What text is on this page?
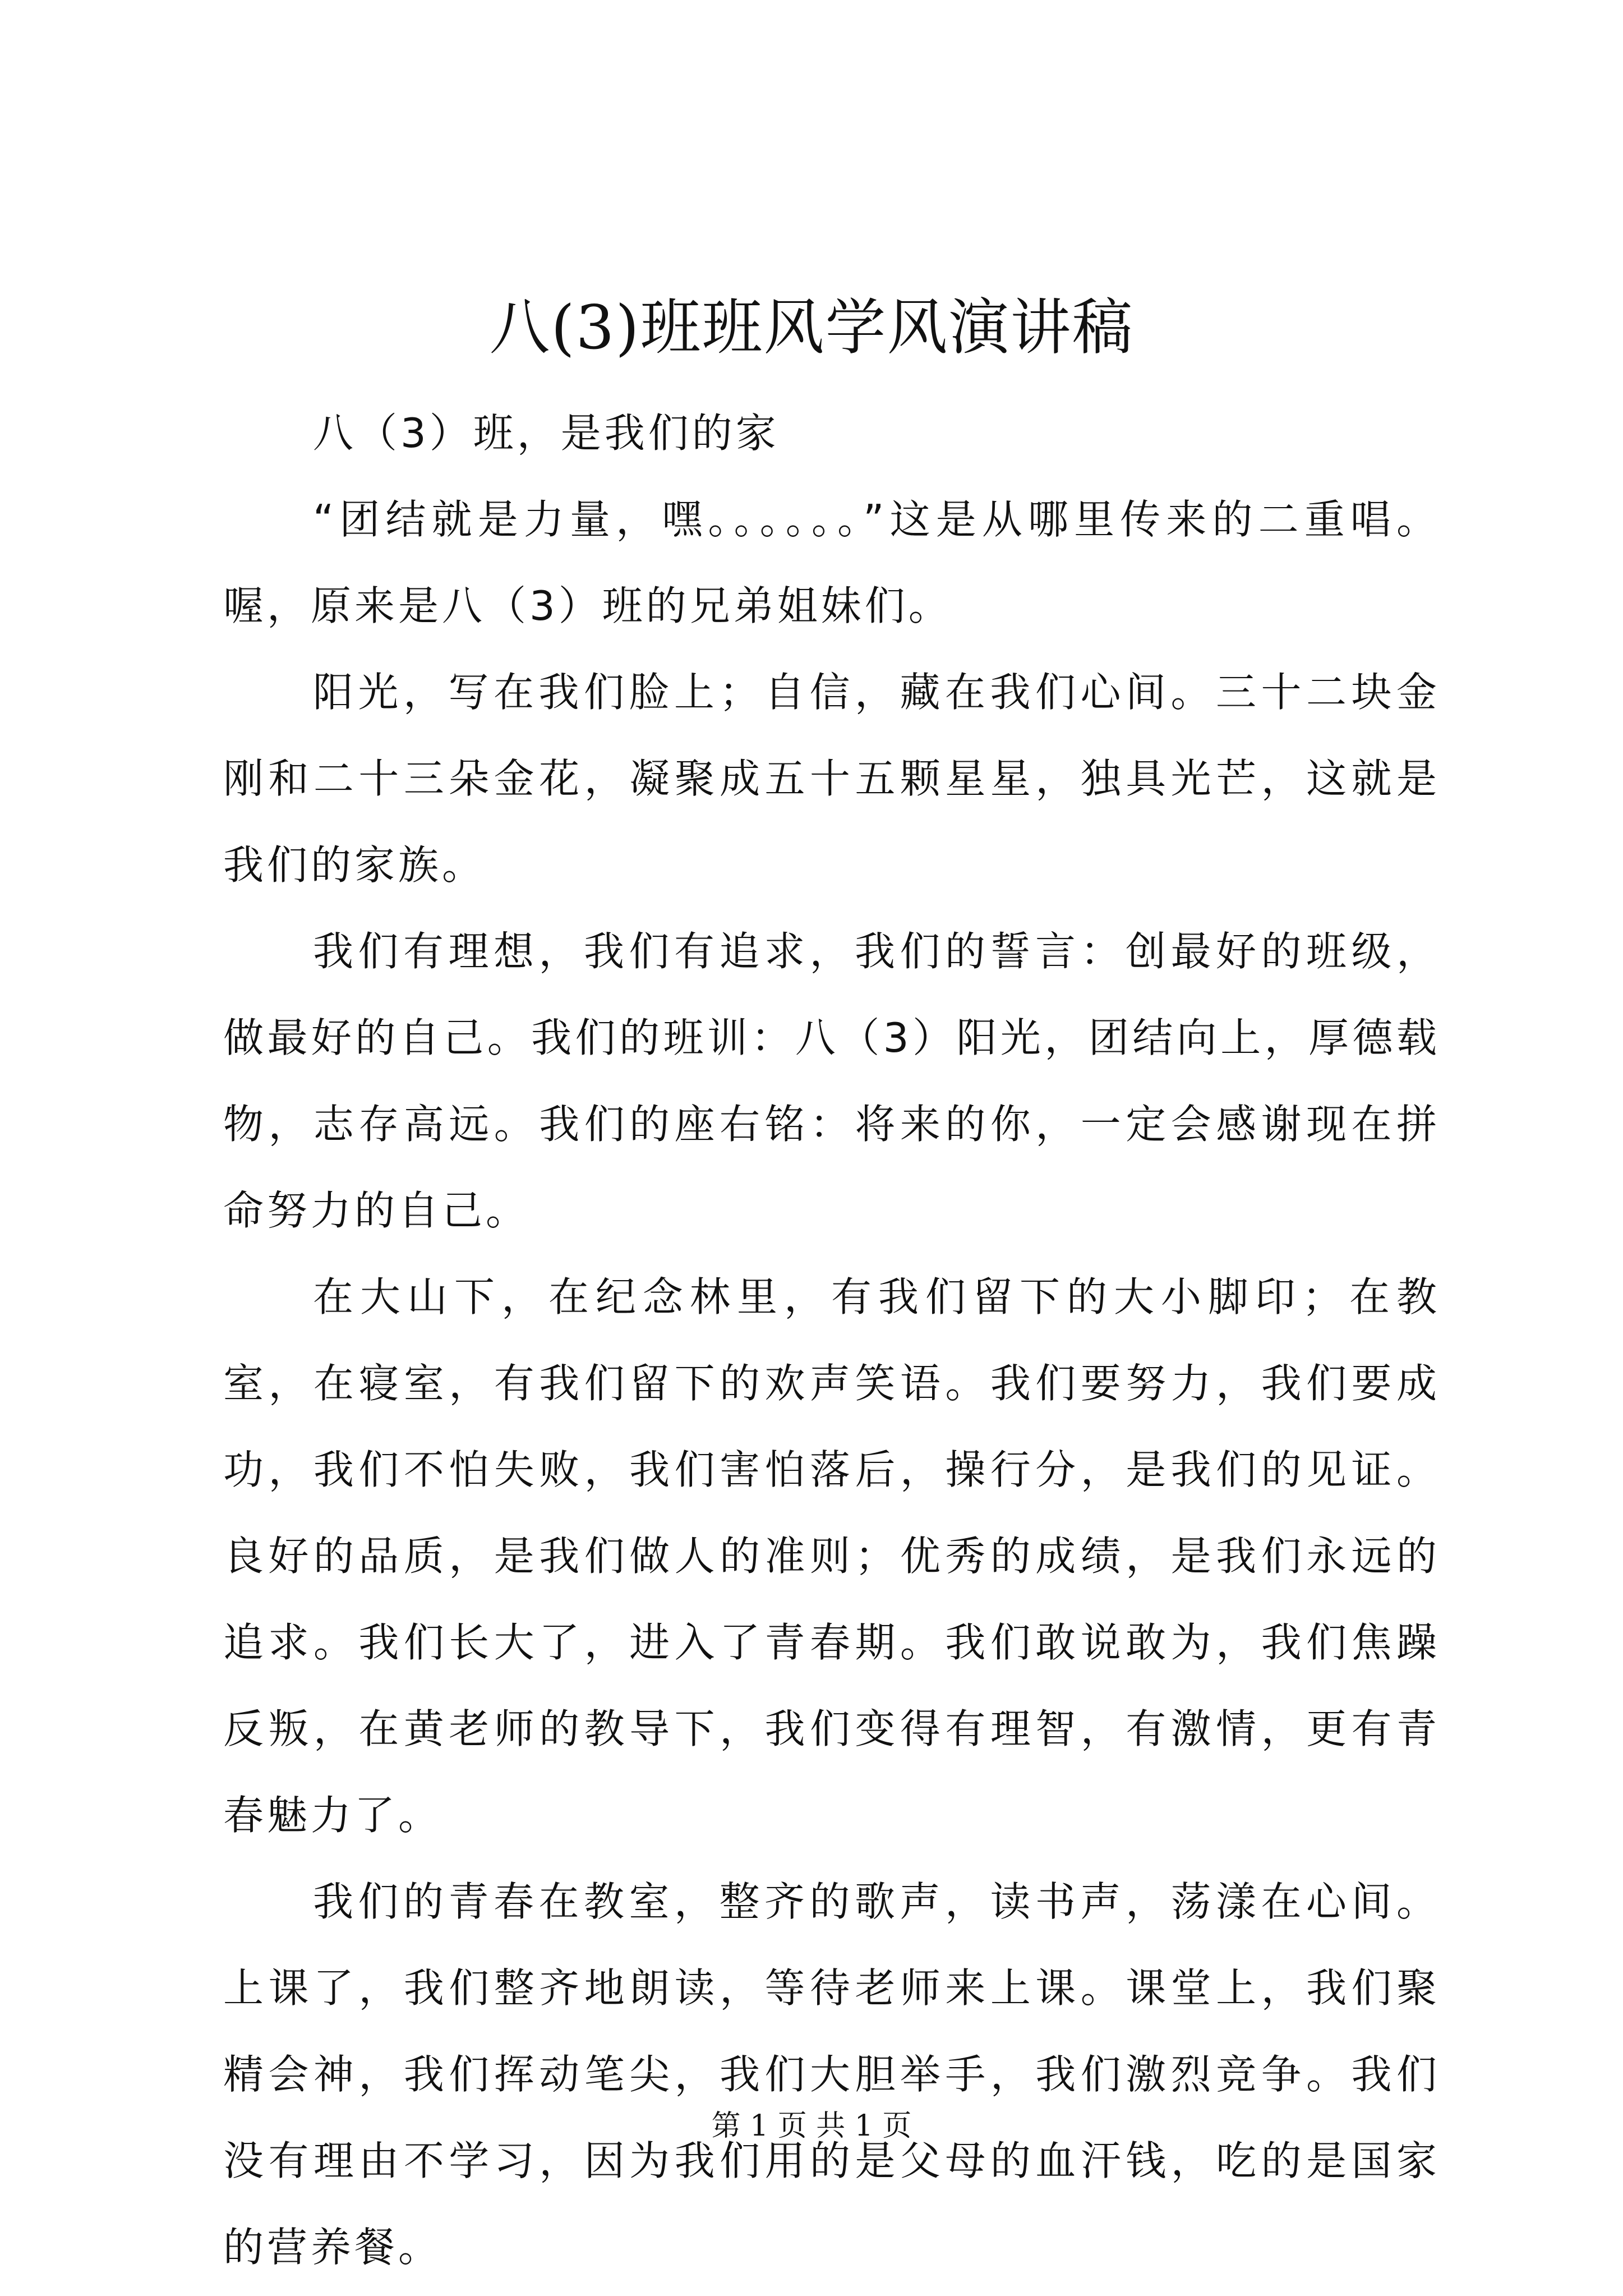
八(3)班班风学风演讲稿

八（3）班，是我们的家

“团结就是力量，嘿。。。。。。”这是从哪里传来的二重唱。喔，原来是八（3）班的兄弟姐妹们。

阳光，写在我们脸上；自信，藏在我们心间。三十二块金刚和二十三朵金花，凝聚成五十五颗星星，独具光芒，这就是我们的家族。

我们有理想，我们有追求，我们的誓言：创最好的班级，做最好的自己。我们的班训：八（3）阳光，团结向上，厚德载物，志存高远。我们的座右铭：将来的你，一定会感谢现在拼命努力的自己。

在大山下，在纪念林里，有我们留下的大小脚印；在教室，在寝室，有我们留下的欢声笑语。我们要努力，我们要成功，我们不怕失败，我们害怕落后，操行分，是我们的见证。良好的品质，是我们做人的准则；优秀的成绩，是我们永远的追求。我们长大了，进入了青春期。我们敢说敢为，我们焦躁反叛，在黄老师的教导下，我们变得有理智，有激情，更有青春魅力了。

我们的青春在教室，整齐的歌声，读书声，荡漾在心间。上课了，我们整齐地朗读，等待老师来上课。课堂上，我们聚精会神，我们挥动笔尖，我们大胆举手，我们激烈竞争。我们没有理由不学习，因为我们用的是父母的血汗钱，吃的是国家的营养餐。

第 1 页 共 1 页
